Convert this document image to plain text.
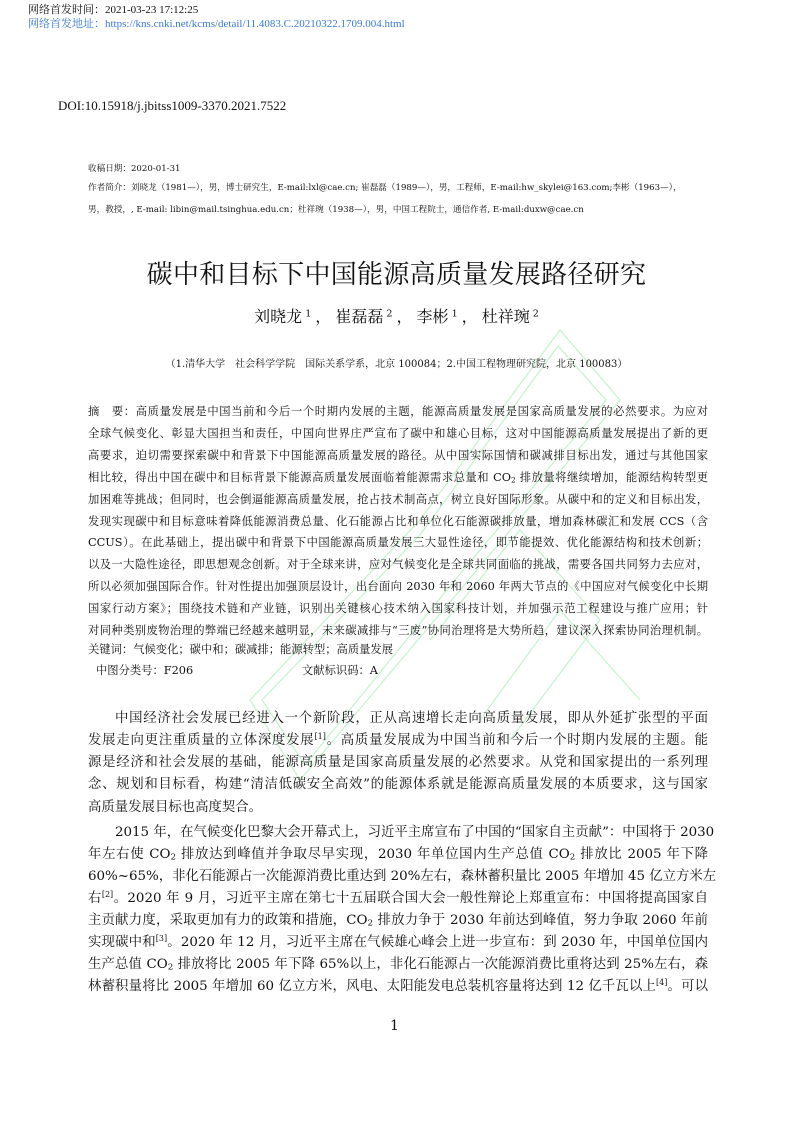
网络首发时间：2021-03-23 17:12:25
网络首发地址：https://kns.cnki.net/kcms/detail/11.4083.C.20210322.1709.004.html
DOI:10.15918/j.jbitss1009-3370.2021.7522
收稿日期：2020-01-31
作者简介：刘晓龙（1981—），男，博士研究生，E-mail:lxl@cae.cn; 崔磊磊（1989—），男，工程师，E-mail:hw_skylei@163.com;李彬（1963—），
男，教授，, E-mail: libin@mail.tsinghua.edu.cn；杜祥琬（1938—），男，中国工程院士，通信作者, E-mail:duxw@cae.cn
碳中和目标下中国能源高质量发展路径研究
刘晓龙 $^1$ ， 崔磊磊 $^2$ ， 李彬 $^1$ ， 杜祥琬 $^2$
（1.清华大学　社会科学学院　国际关系学系，北京 100084；2.中国工程物理研究院，北京 100083）
摘　要：高质量发展是中国当前和今后一个时期内发展的主题，能源高质量发展是国家高质量发展的必然要求。为应对
全球气候变化、彰显大国担当和责任，中国向世界庄严宣布了碳中和雄心目标，这对中国能源高质量发展提出了新的更
高要求，迫切需要探索碳中和背景下中国能源高质量发展的路径。从中国实际国情和碳减排目标出发，通过与其他国家
相比较，得出中国在碳中和目标背景下能源高质量发展面临着能源需求总量和 $CO_2$ 排放量将继续增加，能源结构转型更
加困难等挑战；但同时，也会倒逼能源高质量发展，抢占技术制高点，树立良好国际形象。从碳中和的定义和目标出发，
发现实现碳中和目标意味着降低能源消费总量、化石能源占比和单位化石能源碳排放量，增加森林碳汇和发展 CCS（含
CCUS）。在此基础上，提出碳中和背景下中国能源高质量发展三大显性途径，即节能提效、优化能源结构和技术创新；
以及一大隐性途径，即思想观念创新。对于全球来讲，应对气候变化是全球共同面临的挑战，需要各国共同努力去应对，
所以必须加强国际合作。针对性提出加强顶层设计，出台面向 2030 年和 2060 年两大节点的《中国应对气候变化中长期
国家行动方案》；围绕技术链和产业链，识别出关键核心技术纳入国家科技计划，并加强示范工程建设与推广应用；针
对同种类别废物治理的弊端已经越来越明显，未来碳减排与“三废”协同治理将是大势所趋，建议深入探索协同治理机制。
关键词：气候变化；碳中和；碳减排；能源转型；高质量发展
中图分类号：F206	文献标识码：A
中国经济社会发展已经进入一个新阶段，正从高速增长走向高质量发展，即从外延扩张型的平面
发展走向更注重质量的立体深度发展[1]。高质量发展成为中国当前和今后一个时期内发展的主题。能
源是经济和社会发展的基础，能源高质量是国家高质量发展的必然要求。从党和国家提出的一系列理
念、规划和目标看，构建“清洁低碳安全高效”的能源体系就是能源高质量发展的本质要求，这与国家
高质量发展目标也高度契合。
2015 年，在气候变化巴黎大会开幕式上，习近平主席宣布了中国的“国家自主贡献”：中国将于 2030
年左右使 $CO_2$ 排放达到峰值并争取尽早实现，2030 年单位国内生产总值 $CO_2$ 排放比 2005 年下降
60%~65%，非化石能源占一次能源消费比重达到 20%左右，森林蓄积量比 2005 年增加 45 亿立方米左
右[2]。2020 年 9 月，习近平主席在第七十五届联合国大会一般性辩论上郑重宣布：中国将提高国家自
主贡献力度，采取更加有力的政策和措施，$CO_2$ 排放力争于 2030 年前达到峰值，努力争取 2060 年前
实现碳中和[3]。2020 年 12 月，习近平主席在气候雄心峰会上进一步宣布：到 2030 年，中国单位国内
生产总值 $CO_2$ 排放将比 2005 年下降 65%以上，非化石能源占一次能源消费比重将达到 25%左右，森
林蓄积量将比 2005 年增加 60 亿立方米，风电、太阳能发电总装机容量将达到 12 亿千瓦以上[4]。可以
1
